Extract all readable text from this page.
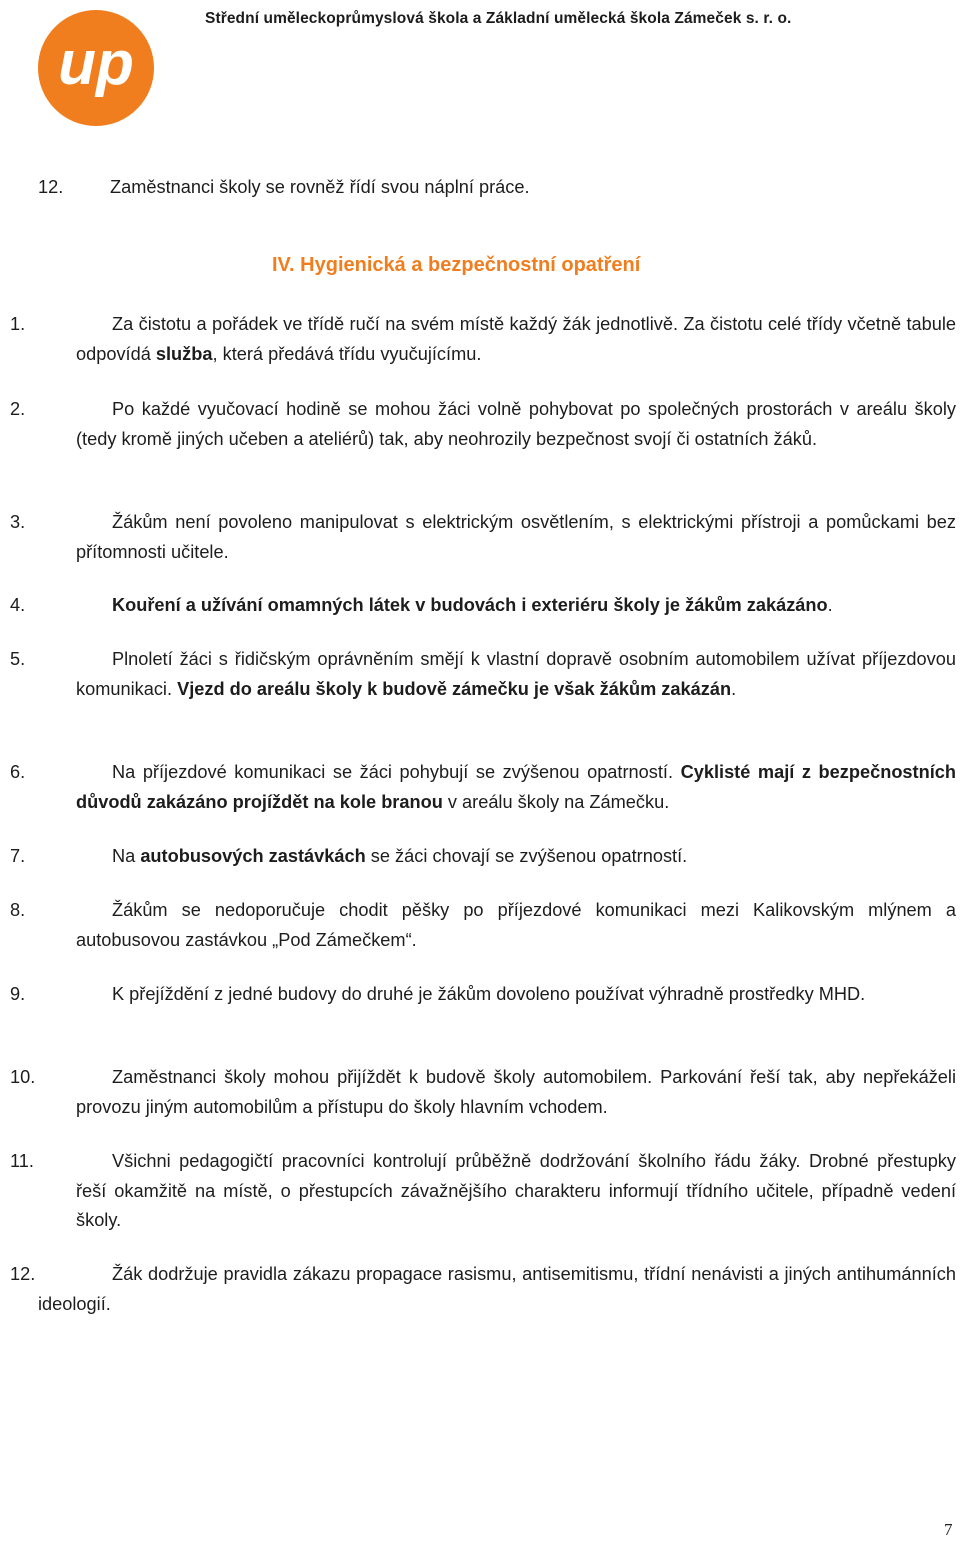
up
Střední uměleckoprůmyslová škola a Základní umělecká škola Zámeček s. r. o.
12.	Zaměstnanci školy se rovněž řídí svou náplní práce.
IV. Hygienická a bezpečnostní opatření
1.	Za čistotu a pořádek ve třídě ručí na svém místě každý žák jednotlivě. Za čistotu celé třídy včetně tabule odpovídá služba, která předává třídu vyučujícímu.
2.	Po každé vyučovací hodině se mohou žáci volně pohybovat po společných prostorách v areálu školy (tedy kromě jiných učeben a ateliérů) tak, aby neohrozily bezpečnost svojí či ostatních žáků.
3.	Žákům není povoleno manipulovat s elektrickým osvětlením, s elektrickými přístroji a pomůckami bez přítomnosti učitele.
4.	Kouření a užívání omamných látek v budovách i exteriéru školy je žákům zakázáno.
5.	Plnoletí žáci s řidičským oprávněním smějí k vlastní dopravě osobním automobilem užívat příjezdovou komunikaci. Vjezd do areálu školy k budově zámečku je však žákům zakázán.
6.	Na příjezdové komunikaci se žáci pohybují se zvýšenou opatrností. Cyklisté mají z bezpečnostních důvodů zakázáno projíždět na kole branou v areálu školy na Zámečku.
7.	Na autobusových zastávkách se žáci chovají se zvýšenou opatrností.
8.	Žákům se nedoporučuje chodit pěšky po příjezdové komunikaci mezi Kalikovským mlýnem a autobusovou zastávkou „Pod Zámečkem“.
9.	K přejíždění z jedné budovy do druhé je žákům dovoleno používat výhradně prostředky MHD.
10.	Zaměstnanci školy mohou přijíždět k budově školy automobilem. Parkování řeší tak, aby nepřekáželi provozu jiným automobilům a přístupu do školy hlavním vchodem.
11.	Všichni pedagogičtí pracovníci kontrolují průběžně dodržování školního řádu žáky. Drobné přestupky řeší okamžitě na místě, o přestupcích závažnějšího charakteru informují třídního učitele, případně vedení školy.
12.	Žák dodržuje pravidla zákazu propagace rasismu, antisemitismu, třídní nenávisti a jiných antihumánních ideologií.
7
